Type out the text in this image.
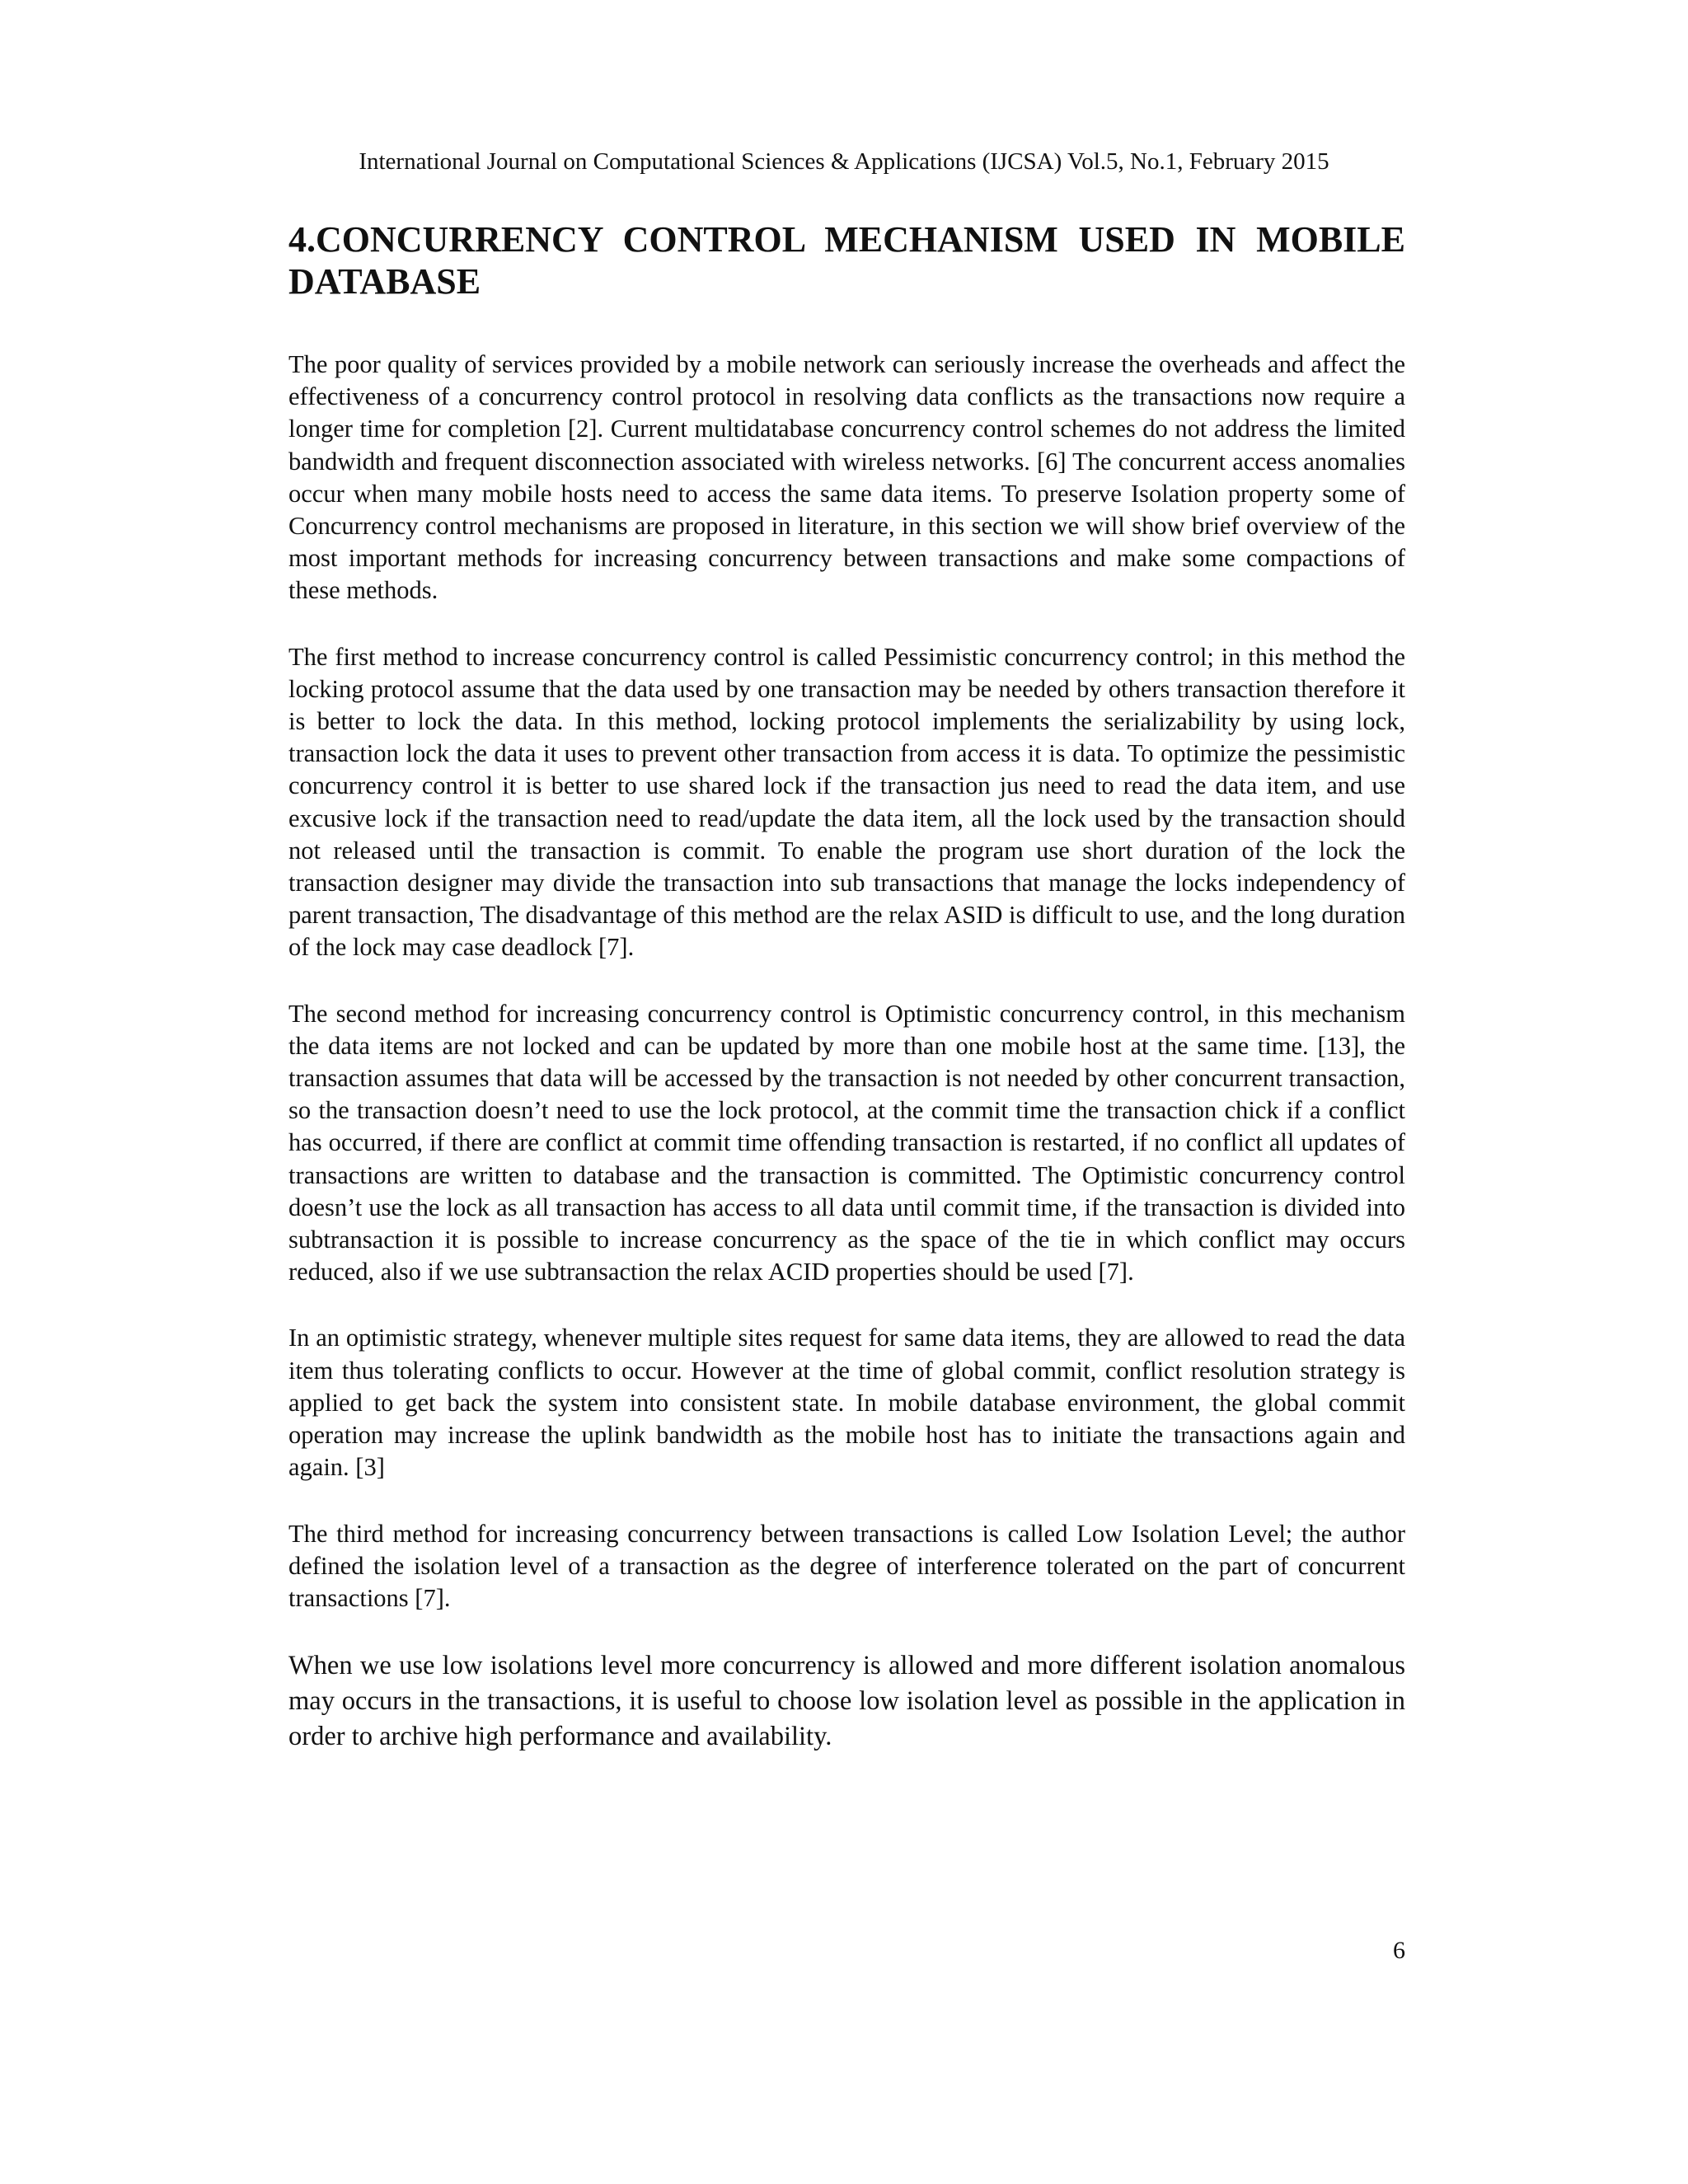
International Journal on Computational Sciences & Applications (IJCSA) Vol.5, No.1, February 2015
4.CONCURRENCY CONTROL MECHANISM USED IN MOBILE DATABASE

The poor quality of services provided by a mobile network can seriously increase the overheads and affect the effectiveness of a concurrency control protocol in resolving data conflicts as the transactions now require a longer time for completion [2]. Current multidatabase concurrency control schemes do not address the limited bandwidth and frequent disconnection associated with wireless networks. [6] The concurrent access anomalies occur when many mobile hosts need to access the same data items. To preserve Isolation property some of Concurrency control mechanisms are proposed in literature, in this section we will show brief overview of the most important methods for increasing concurrency between transactions and make some compactions of these methods.

The first method to increase concurrency control is called Pessimistic concurrency control; in this method the locking protocol assume that the data used by one transaction may be needed by others transaction therefore it is better to lock the data. In this method, locking protocol implements the serializability by using lock, transaction lock the data it uses to prevent other transaction from access it is data. To optimize the pessimistic concurrency control it is better to use shared lock if the transaction jus need to read the data item, and use excusive lock if the transaction need to read/update the data item, all the lock used by the transaction should not released until the transaction is commit. To enable the program use short duration of the lock the transaction designer may divide the transaction into sub transactions that manage the locks independency of parent transaction, The disadvantage of this method are the relax ASID is difficult to use, and the long duration of the lock may case deadlock [7].

The second method for increasing concurrency control is Optimistic concurrency control, in this mechanism the data items are not locked and can be updated by more than one mobile host at the same time. [13], the transaction assumes that data will be accessed by the transaction is not needed by other concurrent transaction, so the transaction doesn’t need to use the lock protocol, at the commit time the transaction chick if a conflict has occurred, if there are conflict at commit time offending transaction is restarted, if no conflict all updates of transactions are written to database and the transaction is committed. The Optimistic concurrency control doesn’t use the lock as all transaction has access to all data until commit time, if the transaction is divided into subtransaction it is possible to increase concurrency as the space of the tie in which conflict may occurs reduced, also if we use subtransaction the relax ACID properties should be used [7].

In an optimistic strategy, whenever multiple sites request for same data items, they are allowed to read the data item thus tolerating conflicts to occur. However at the time of global commit, conflict resolution strategy is applied to get back the system into consistent state. In mobile database environment, the global commit operation may increase the uplink bandwidth as the mobile host has to initiate the transactions again and again. [3]

The third method for increasing concurrency between transactions is called Low Isolation Level; the author defined the isolation level of a transaction as the degree of interference tolerated on the part of concurrent transactions [7].

When we use low isolations level more concurrency is allowed and more different isolation anomalous may occurs in the transactions, it is useful to choose low isolation level as possible in the application in order to archive high performance and availability.

6
